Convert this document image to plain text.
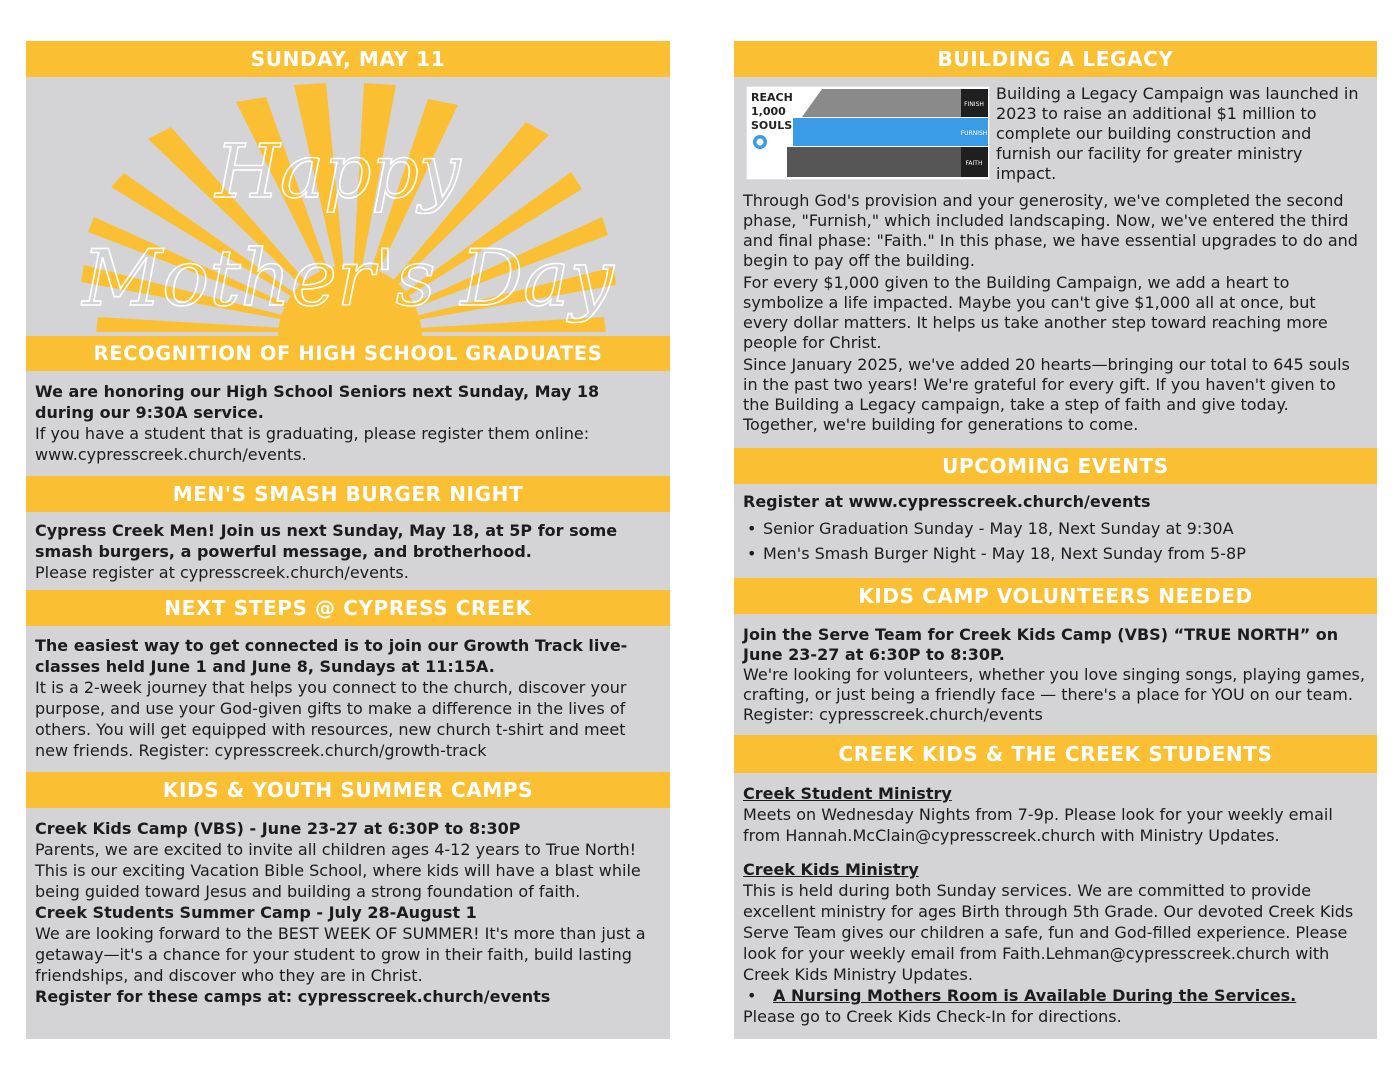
SUNDAY, MAY 11
Happy
Mother's Day
RECOGNITION OF HIGH SCHOOL GRADUATES
We are honoring our High School Seniors next Sunday, May 18 during our 9:30A service.
If you have a student that is graduating, please register them online: www.cypresscreek.church/events.
MEN'S SMASH BURGER NIGHT
Cypress Creek Men! Join us next Sunday, May 18, at 5P for some smash burgers, a powerful message, and brotherhood.
Please register at cypresscreek.church/events.
NEXT STEPS @ CYPRESS CREEK
The easiest way to get connected is to join our Growth Track live-classes held June 1 and June 8, Sundays at 11:15A.
It is a 2-week journey that helps you connect to the church, discover your purpose, and use your God-given gifts to make a difference in the lives of others. You will get equipped with resources, new church t-shirt and meet new friends. Register: cypresscreek.church/growth-track
KIDS & YOUTH SUMMER CAMPS
Creek Kids Camp (VBS) - June 23-27 at 6:30P to 8:30P
Parents, we are excited to invite all children ages 4-12 years to True North! This is our exciting Vacation Bible School, where kids will have a blast while being guided toward Jesus and building a strong foundation of faith.
Creek Students Summer Camp - July 28-August 1
We are looking forward to the BEST WEEK OF SUMMER! It's more than just a getaway—it's a chance for your student to grow in their faith, build lasting friendships, and discover who they are in Christ.
Register for these camps at: cypresscreek.church/events
BUILDING A LEGACY
REACH
1,000
SOULS
FINISH
FURNISH
FAITH
Building a Legacy Campaign was launched in 2023 to raise an additional $1 million to complete our building construction and furnish our facility for greater ministry impact.
Through God's provision and your generosity, we've completed the second phase, "Furnish," which included landscaping. Now, we've entered the third and final phase: "Faith." In this phase, we have essential upgrades to do and begin to pay off the building.
For every $1,000 given to the Building Campaign, we add a heart to symbolize a life impacted. Maybe you can't give $1,000 all at once, but every dollar matters. It helps us take another step toward reaching more people for Christ.
Since January 2025, we've added 20 hearts—bringing our total to 645 souls in the past two years! We're grateful for every gift. If you haven't given to the Building a Legacy campaign, take a step of faith and give today. Together, we're building for generations to come.
UPCOMING EVENTS
Register at www.cypresscreek.church/events
• Senior Graduation Sunday - May 18, Next Sunday at 9:30A
• Men's Smash Burger Night - May 18, Next Sunday from 5-8P
KIDS CAMP VOLUNTEERS NEEDED
Join the Serve Team for Creek Kids Camp (VBS) “TRUE NORTH” on June 23-27 at 6:30P to 8:30P.
We're looking for volunteers, whether you love singing songs, playing games, crafting, or just being a friendly face — there's a place for YOU on our team. Register: cypresscreek.church/events
CREEK KIDS & THE CREEK STUDENTS
Creek Student Ministry
Meets on Wednesday Nights from 7-9p. Please look for your weekly email from Hannah.McClain@cypresscreek.church with Ministry Updates.
Creek Kids Ministry
This is held during both Sunday services. We are committed to provide excellent ministry for ages Birth through 5th Grade. Our devoted Creek Kids Serve Team gives our children a safe, fun and God-filled experience. Please look for your weekly email from Faith.Lehman@cypresscreek.church with Creek Kids Ministry Updates.
• A Nursing Mothers Room is Available During the Services.
Please go to Creek Kids Check-In for directions.
